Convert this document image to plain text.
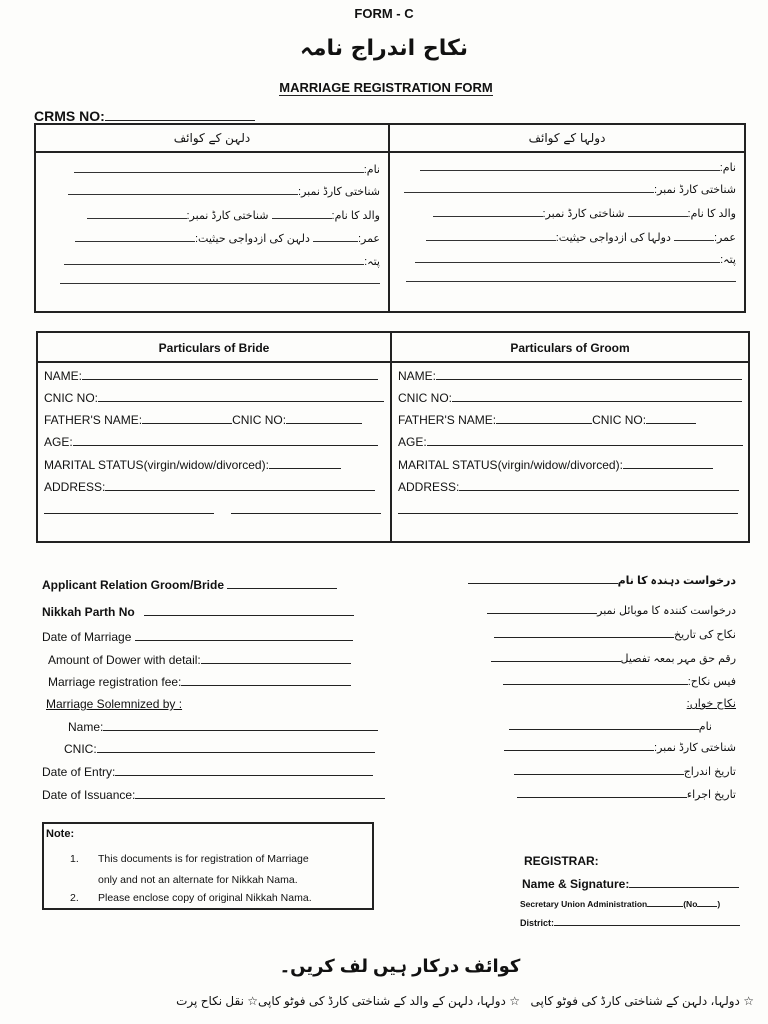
FORM - C
نکاح اندراج نامہ
MARRIAGE REGISTRATION FORM
CRMS NO:
دلہن کے کوائف
نام:
شناختی کارڈ نمبر:
والد کا نام: شناختی کارڈ نمبر:
عمر: دلہن کی ازدواجی حیثیت:
پتہ:
دولہا کے کوائف
نام:
شناختی کارڈ نمبر:
والد کا نام: شناختی کارڈ نمبر:
عمر: دولہا کی ازدواجی حیثیت:
پتہ:
Particulars of Bride
NAME:
CNIC NO:
FATHER'S NAME:	CNIC NO:
AGE:
MARITAL STATUS(virgin/widow/divorced):
ADDRESS:

Particulars of Groom
NAME:
CNIC NO:
FATHER'S NAME:	CNIC NO:
AGE:
MARITAL STATUS(virgin/widow/divorced):
ADDRESS:
Applicant Relation Groom/Bride
Nikkah Parth No
Date of Marriage
Amount of Dower with detail:
Marriage registration fee:
Marriage Solemnized by :
Name:
CNIC:
Date of Entry:
Date of Issuance:
درخواست دہندہ کا نام
درخواست کنندہ کا موبائل نمبر
نکاح کی تاریخ
رقم حق مہر بمعہ تفصیل
فیس نکاح:
نکاح خواں:
نام
شناختی کارڈ نمبر:
تاریخ اندراج
تاریخ اجراء
Note:
1. This documents is for registration of Marriage
only and not an alternate for Nikkah Nama.
2. Please enclose copy of original Nikkah Nama.
REGISTRAR:
Name & Signature:
Secretary Union Administration	(No )
District:
کوائف درکار ہیں لف کریں۔
☆ دولہا، دلہن کے شناختی کارڈ کی فوٹو کاپی
☆ دولہا، دلہن کے والد کے شناختی کارڈ کی فوٹو کاپی
☆ نقل نکاح پرت
